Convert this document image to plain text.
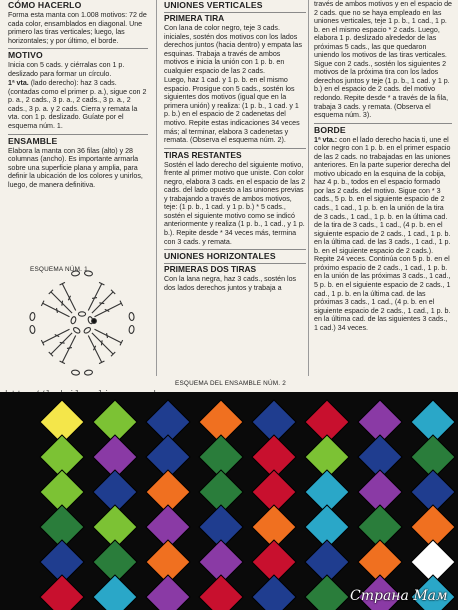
CÓMO HACERLO

Forma esta manta con 1.008 motivos: 72 de cada color, ensamblados en diagonal. Une primero las tiras verticales; luego, las horizontales; y por último, el borde.

MOTIVO

Inicia con 5 cads. y ciérralas con 1 p. deslizado para formar un círculo.

1ª vta. (lado derecho): haz 3 cads. (contadas como el primer p. a.), sigue con 2 p. a., 2 cads., 3 p. a., 2 cads., 3 p. a., 2 cads., 3 p. a. y 2 cads. Cierra y remata la vta. con 1 p. deslizado. Guíate por el esquema núm. 1.

ENSAMBLE

Elabora la manta con 36 filas (alto) y 28 columnas (ancho). Es importante armarla sobre una superficie plana y amplia, para definir la ubicación de los colores y unirlos, luego, de manera definitiva.

UNIONES VERTICALES

PRIMERA TIRA

Con lana de color negro, teje 3 cads. iniciales, sostén dos motivos con los lados derechos juntos (hacia dentro) y empata las esquinas. Trabaja a través de ambos motivos e inicia la unión con 1 p. b. en cualquier espacio de las 2 cads.

Luego, haz 1 cad. y 1 p. b. en el mismo espacio. Prosigue con 5 cads., sostén los siguientes dos motivos (igual que en la primera unión) y realiza: (1 p. b., 1 cad. y 1 p. b.) en el espacio de 2 cadenetas del motivo. Repite estas indicaciones 34 veces más; al terminar, elabora 3 cadenetas y remata. (Observa el esquema núm. 2).

TIRAS RESTANTES

Sostén el lado derecho del siguiente motivo, frente al primer motivo que uniste. Con color negro, elabora 3 cads. en el espacio de las 2 cads. del lado opuesto a las uniones previas y trabajando a través de ambos motivos, teje: (1 p. b., 1 cad. y 1 p. b.) * 5 cads., sostén el siguiente motivo como se indicó anteriormente y realiza (1 p. b., 1 cad., y 1 p. b.). Repite desde * 34 veces más, termina con 3 cads. y remata.

UNIONES HORIZONTALES

PRIMERAS DOS TIRAS

Con la lana negra, haz 3 cads., sostén los dos lados derechos juntos y trabaja a

través de ambos motivos y en el espacio de 2 cads. que no se haya empleado en las uniones verticales, teje 1 p. b., 1 cad., 1 p. b. en el mismo espacio * 2 cads. Luego, elabora 1 p. deslizado alrededor de las próximas 5 cads., las que quedaron uniendo los motivos de las tiras verticales. Sigue con 2 cads., sostén los siguientes 2 motivos de la próxima tira con los lados derechos juntos y teje (1 p. b., 1 cad. y 1 p. b.) en el espacio de 2 cads. del motivo redondo. Repite desde * a través de la fila, trabaja 3 cads. y remata. (Observa el esquema núm. 3).

BORDE

1ª vta.: con el lado derecho hacia ti, une el color negro con 1 p. b. en el primer espacio de las 2 cads. no trabajadas en las uniones anteriores. En la parte superior derecha del motivo ubicado en la esquina de la cobija, haz 4 p. b., todos en el espacio formado por las 2 cads. del motivo. Sigue con * 3 cads., 5 p. b. en el siguiente espacio de 2 cads., 1 cad., 1 p. b. en la unión de la tira de 3 cads., 1 cad., 1 p. b. en la última cad. de la tira de 3 cads., 1 cad., (4 p. b. en el siguiente espacio de 2 cads., 1 cad., 1 p. b. en la última cad. de las 3 cads., 1 cad., 1 p. b. en el siguiente espacio de 2 cads.). Repite 24 veces. Continúa con 5 p. b. en el próximo espacio de 2 cads., 1 cad., 1 p. b. en la unión de las próximas 3 cads., 1 cad., 5 p. b. en el siguiente espacio de 2 cads., 1 cad., 1 p. b. en la última cad. de las próximas 3 cads., 1 cad., (4 p. b. en el siguiente espacio de 2 cads., 1 cad., 1 p. b. en la última cad. de las siguientes 3 cads., 1 cad.) 34 veces.

ESQUEMA NÚM. 1
ESQUEMA DEL ENSAMBLE NÚM. 2
Страна Мам
